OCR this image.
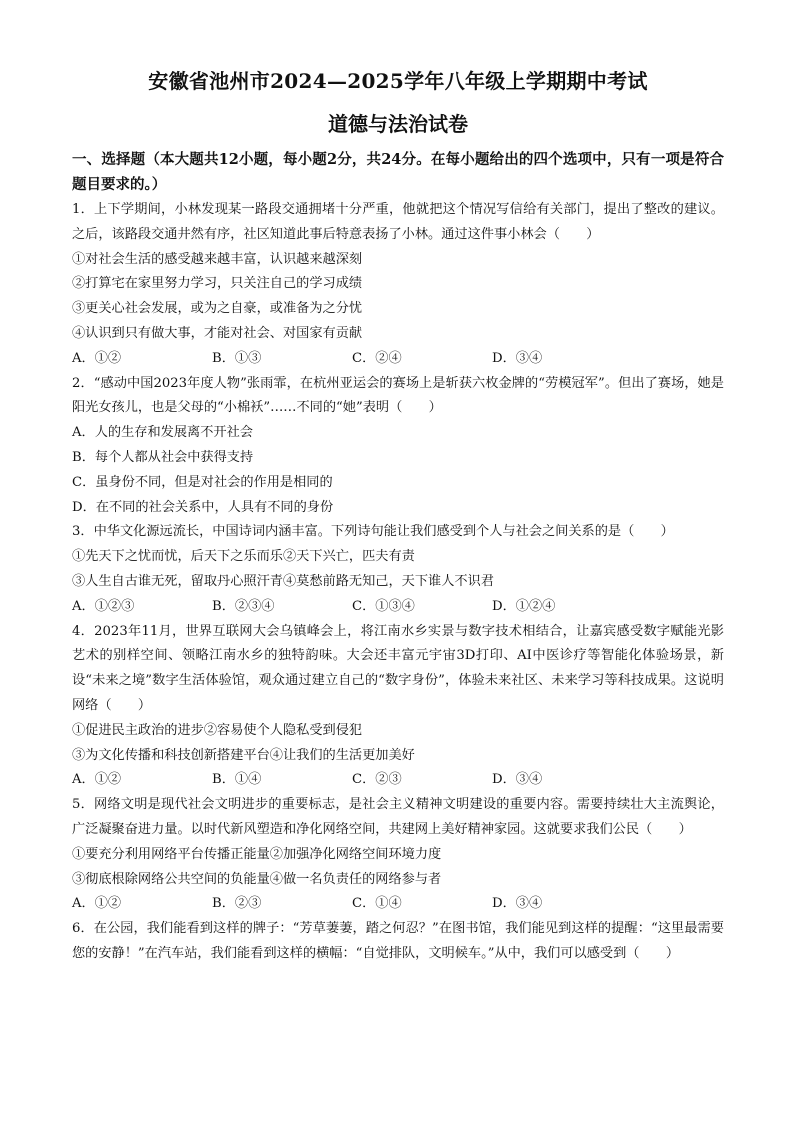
安徽省池州市2024—2025学年八年级上学期期中考试
道德与法治试卷
一、选择题（本大题共12小题，每小题2分，共24分。在每小题给出的四个选项中，只有一项是符合题目要求的。）
1．上下学期间，小林发现某一路段交通拥堵十分严重，他就把这个情况写信给有关部门，提出了整改的建议。之后，该路段交通井然有序，社区知道此事后特意表扬了小林。通过这件事小林会（　　）
①对社会生活的感受越来越丰富，认识越来越深刻
②打算宅在家里努力学习，只关注自己的学习成绩
③更关心社会发展，或为之自豪，或准备为之分忧
④认识到只有做大事，才能对社会、对国家有贡献
A．①②	B．①③	C．②④	D．③④
2．“感动中国2023年度人物”张雨霏，在杭州亚运会的赛场上是斩获六枚金牌的“劳模冠军”。但出了赛场，她是阳光女孩儿，也是父母的“小棉袄”……不同的“她”表明（　　）
A．人的生存和发展离不开社会
B．每个人都从社会中获得支持
C．虽身份不同，但是对社会的作用是相同的
D．在不同的社会关系中，人具有不同的身份
3．中华文化源远流长，中国诗词内涵丰富。下列诗句能让我们感受到个人与社会之间关系的是（　　）
①先天下之忧而忧，后天下之乐而乐②天下兴亡，匹夫有责
③人生自古谁无死，留取丹心照汗青④莫愁前路无知己，天下谁人不识君
A．①②③	B．②③④	C．①③④	D．①②④
4．2023年11月，世界互联网大会乌镇峰会上，将江南水乡实景与数字技术相结合，让嘉宾感受数字赋能光影艺术的别样空间、领略江南水乡的独特韵味。大会还丰富元宇宙3D打印、AI中医诊疗等智能化体验场景，新设“未来之境”数字生活体验馆，观众通过建立自己的“数字身份”，体验未来社区、未来学习等科技成果。这说明网络（　　）
①促进民主政治的进步②容易使个人隐私受到侵犯
③为文化传播和科技创新搭建平台④让我们的生活更加美好
A．①②	B．①④	C．②③	D．③④
5．网络文明是现代社会文明进步的重要标志，是社会主义精神文明建设的重要内容。需要持续壮大主流舆论，广泛凝聚奋进力量。以时代新风塑造和净化网络空间，共建网上美好精神家园。这就要求我们公民（　　）
①要充分利用网络平台传播正能量②加强净化网络空间环境力度
③彻底根除网络公共空间的负能量④做一名负责任的网络参与者
A．①②	B．②③	C．①④	D．③④
6．在公园，我们能看到这样的牌子：“芳草萋萋，踏之何忍？”在图书馆，我们能见到这样的提醒：“这里最需要您的安静！”在汽车站，我们能看到这样的横幅：“自觉排队，文明候车。”从中，我们可以感受到（　　）
